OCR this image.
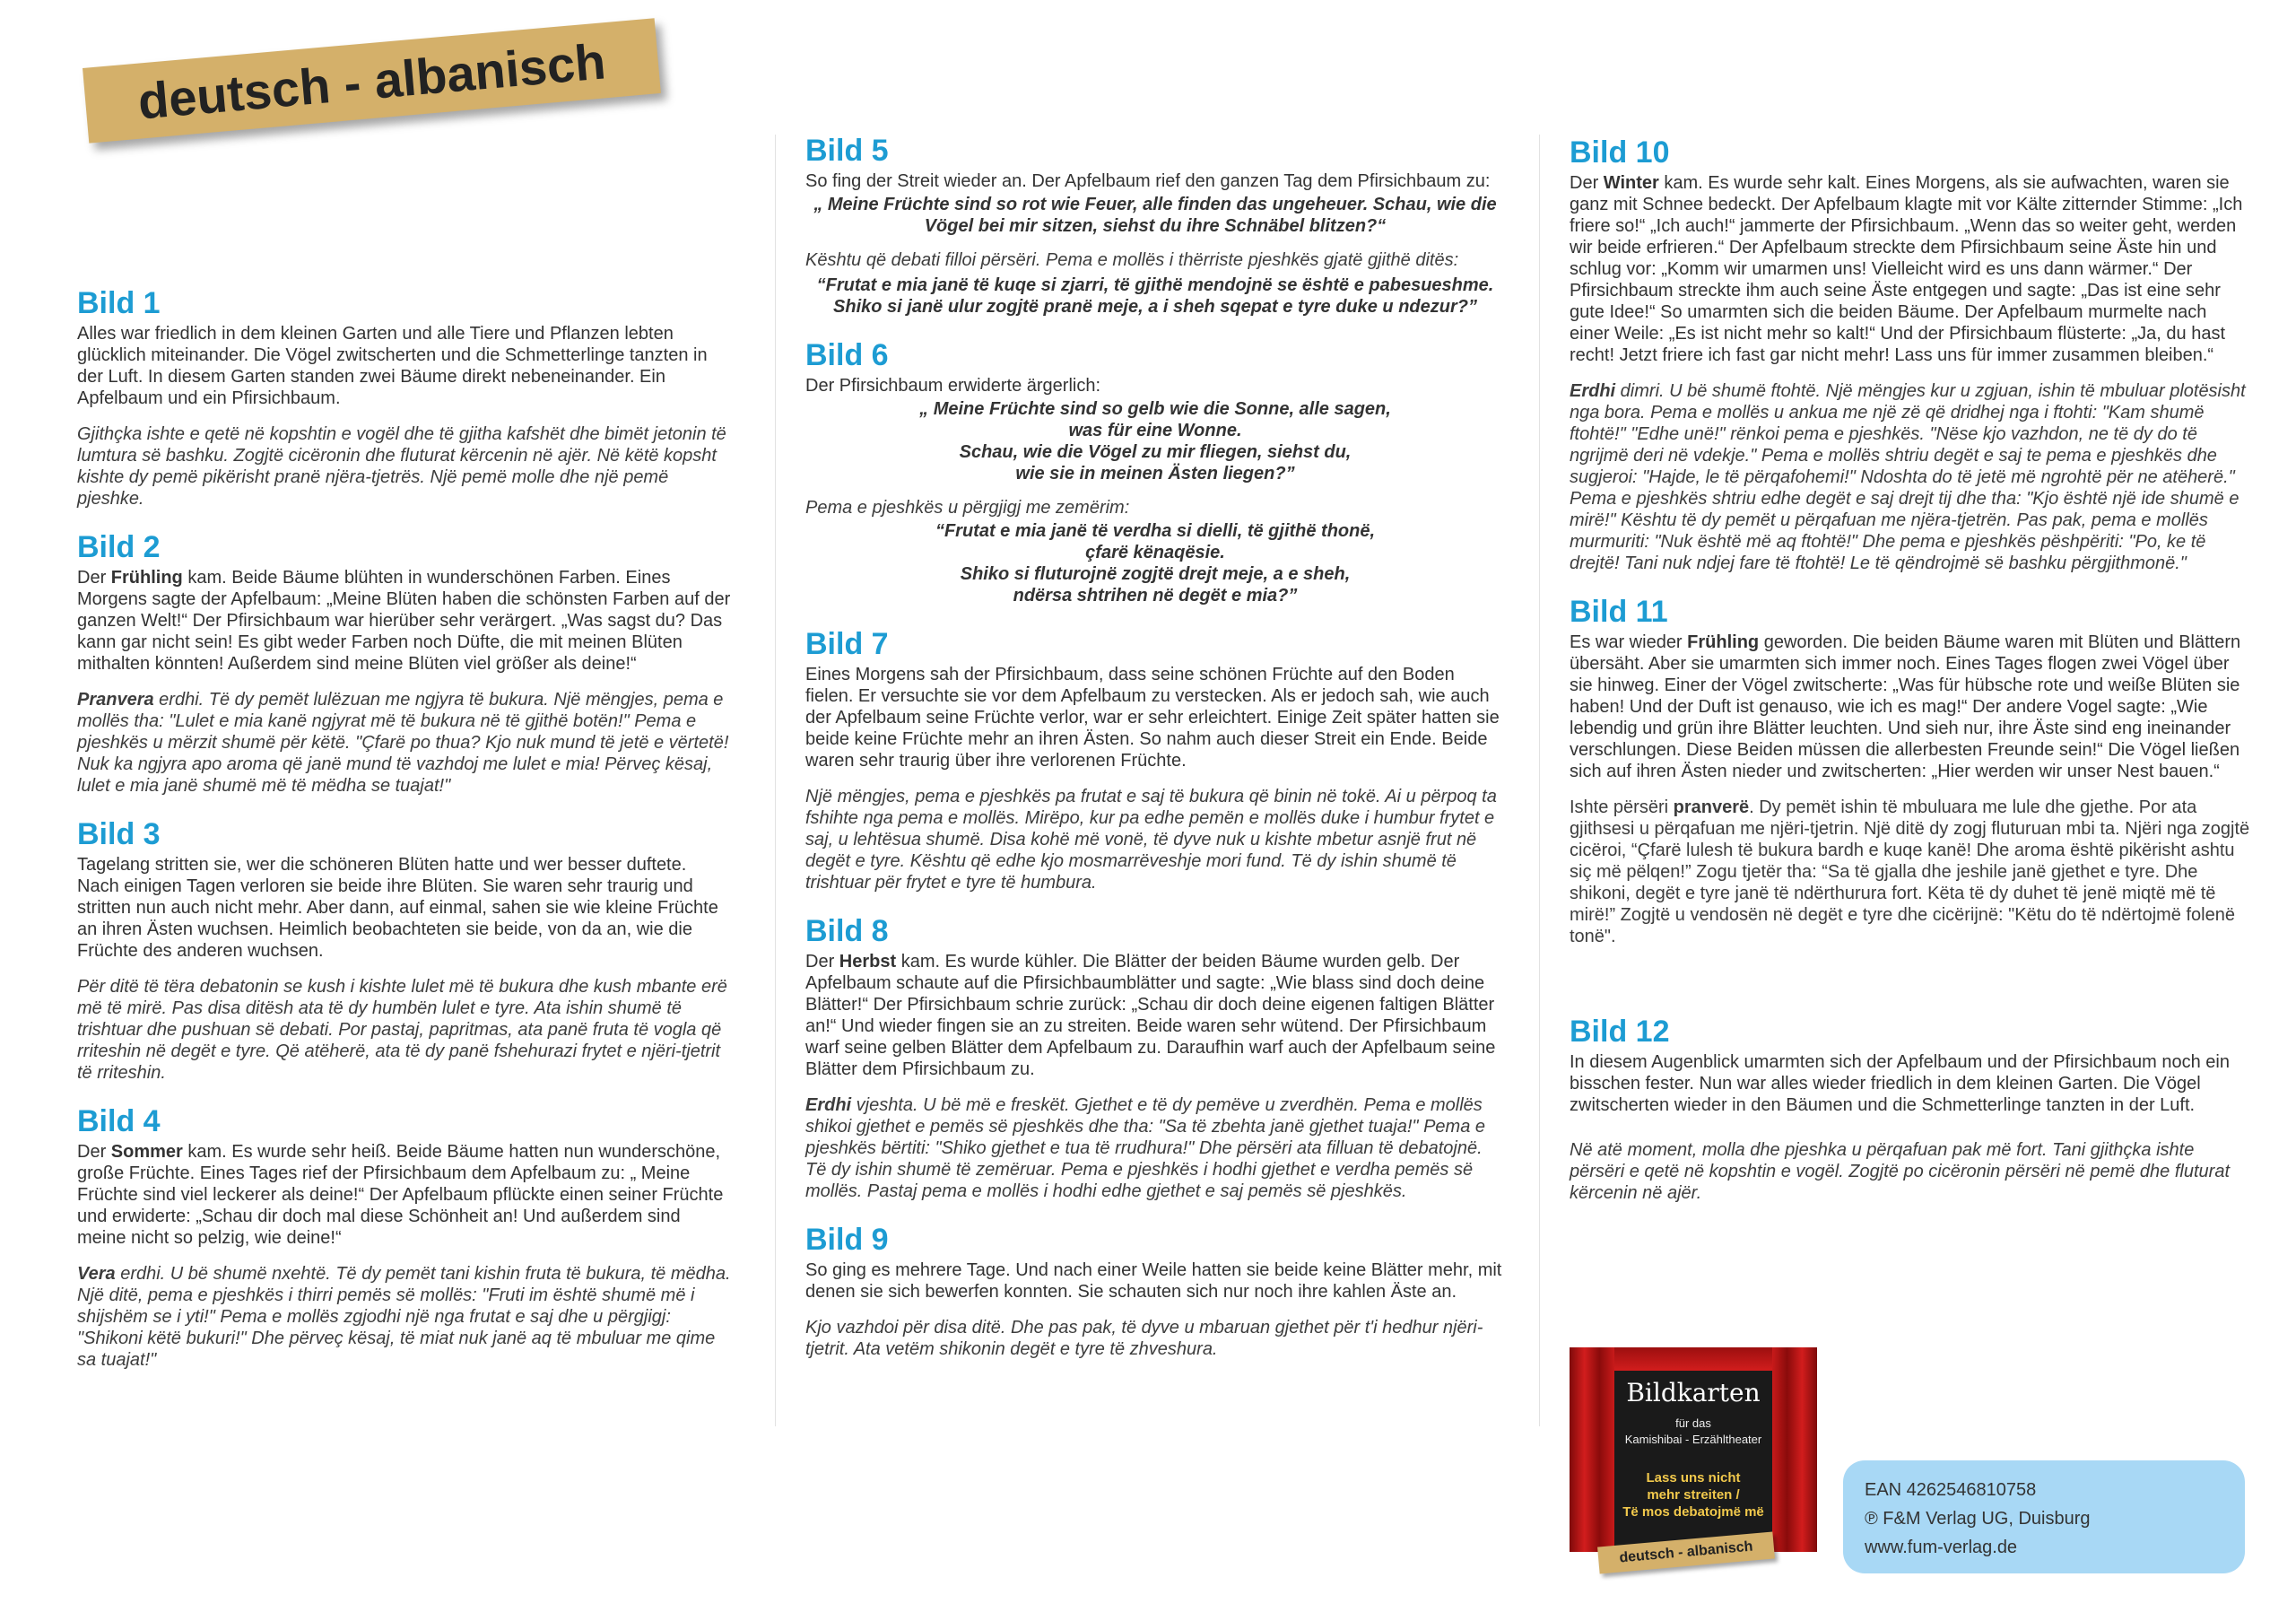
deutsch - albanisch
Bild 1
Alles war friedlich in dem kleinen Garten und alle Tiere und Pflanzen lebten glücklich miteinander. Die Vögel zwitscherten und die Schmetterlinge tanzten in der Luft. In diesem Garten standen zwei Bäume direkt nebeneinander. Ein Apfelbaum und ein Pfirsichbaum.
Gjithçka ishte e qetë në kopshtin e vogël dhe të gjitha kafshët dhe bimët jetonin të lumtura së bashku. Zogjtë cicëronin dhe fluturat kërcenin në ajër. Në këtë kopsht kishte dy pemë pikërisht pranë njëra-tjetrës. Një pemë molle dhe një pemë pjeshke.
Bild 2
Der Frühling kam. Beide Bäume blühten in wunderschönen Farben. Eines Morgens sagte der Apfelbaum: „Meine Blüten haben die schönsten Farben auf der ganzen Welt!“ Der Pfirsichbaum war hierüber sehr verärgert. „Was sagst du? Das kann gar nicht sein! Es gibt weder Farben noch Düfte, die mit meinen Blüten mithalten könnten! Außerdem sind meine Blüten viel größer als deine!“
Pranvera erdhi. Të dy pemët lulëzuan me ngjyra të bukura. Një mëngjes, pema e mollës tha: "Lulet e mia kanë ngjyrat më të bukura në të gjithë botën!" Pema e pjeshkës u mërzit shumë për këtë. "Çfarë po thua? Kjo nuk mund të jetë e vërtetë! Nuk ka ngjyra apo aroma që janë mund të vazhdoj me lulet e mia! Përveç kësaj, lulet e mia janë shumë më të mëdha se tuajat!"
Bild 3
Tagelang stritten sie, wer die schöneren Blüten hatte und wer besser duftete. Nach einigen Tagen verloren sie beide ihre Blüten. Sie waren sehr traurig und stritten nun auch nicht mehr. Aber dann, auf einmal, sahen sie wie kleine Früchte an ihren Ästen wuchsen. Heimlich beobachteten sie beide, von da an, wie die Früchte des anderen wuchsen.
Për ditë të tëra debatonin se kush i kishte lulet më të bukura dhe kush mbante erë më të mirë. Pas disa ditësh ata të dy humbën lulet e tyre. Ata ishin shumë të trishtuar dhe pushuan së debati. Por pastaj, papritmas, ata panë fruta të vogla që rriteshin në degët e tyre. Që atëherë, ata të dy panë fshehurazi frytet e njëri-tjetrit të rriteshin.
Bild 4
Der Sommer kam. Es wurde sehr heiß. Beide Bäume hatten nun wunderschöne, große Früchte. Eines Tages rief der Pfirsichbaum dem Apfelbaum zu: „ Meine Früchte sind viel leckerer als deine!“ Der Apfelbaum pflückte einen seiner Früchte und erwiderte: „Schau dir doch mal diese Schönheit an! Und außerdem sind meine nicht so pelzig, wie deine!“
Vera erdhi. U bë shumë nxehtë. Të dy pemët tani kishin fruta të bukura, të mëdha. Një ditë, pema e pjeshkës i thirri pemës së mollës: "Fruti im është shumë më i shijshëm se i yti!" Pema e mollës zgjodhi një nga frutat e saj dhe u përgjigj: "Shikoni këtë bukuri!" Dhe përveç kësaj, të miat nuk janë aq të mbuluar me qime sa tuajat!"
Bild 5
So fing der Streit wieder an. Der Apfelbaum rief den ganzen Tag dem Pfirsichbaum zu:
„ Meine Früchte sind so rot wie Feuer, alle finden das ungeheuer. Schau, wie die Vögel bei mir sitzen, siehst du ihre Schnäbel blitzen?“
Kështu që debati filloi përsëri. Pema e mollës i thërriste pjeshkës gjatë gjithë ditës:
“Frutat e mia janë të kuqe si zjarri, të gjithë mendojnë se është e pabesueshme. Shiko si janë ulur zogjtë pranë meje, a i sheh sqepat e tyre duke u ndezur?”
Bild 6
Der Pfirsichbaum erwiderte ärgerlich:
„ Meine Früchte sind so gelb wie die Sonne, alle sagen,
was für eine Wonne.
Schau, wie die Vögel zu mir fliegen, siehst du,
wie sie in meinen Ästen liegen?”
Pema e pjeshkës u përgjigj me zemërim:
“Frutat e mia janë të verdha si dielli, të gjithë thonë,
çfarë kënaqësie.
Shiko si fluturojnë zogjtë drejt meje, a e sheh,
ndërsa shtrihen në degët e mia?”
Bild 7
Eines Morgens sah der Pfirsichbaum, dass seine schönen Früchte auf den Boden fielen. Er versuchte sie vor dem Apfelbaum zu verstecken. Als er jedoch sah, wie auch der Apfelbaum seine Früchte verlor, war er sehr erleichtert. Einige Zeit später hatten sie beide keine Früchte mehr an ihren Ästen. So nahm auch dieser Streit ein Ende. Beide waren sehr traurig über ihre verlorenen Früchte.
Një mëngjes, pema e pjeshkës pa frutat e saj të bukura që binin në tokë. Ai u përpoq ta fshihte nga pema e mollës. Mirëpo, kur pa edhe pemën e mollës duke i humbur frytet e saj, u lehtësua shumë. Disa kohë më vonë, të dyve nuk u kishte mbetur asnjë frut në degët e tyre. Kështu që edhe kjo mosmarrëveshje mori fund. Të dy ishin shumë të trishtuar për frytet e tyre të humbura.
Bild 8
Der Herbst kam. Es wurde kühler. Die Blätter der beiden Bäume wurden gelb. Der Apfelbaum schaute auf die Pfirsichbaumblätter und sagte: „Wie blass sind doch deine Blätter!“ Der Pfirsichbaum schrie zurück: „Schau dir doch deine eigenen faltigen Blätter an!“ Und wieder fingen sie an zu streiten. Beide waren sehr wütend. Der Pfirsichbaum warf seine gelben Blätter dem Apfelbaum zu. Daraufhin warf auch der Apfelbaum seine Blätter dem Pfirsichbaum zu.
Erdhi vjeshta. U bë më e freskët. Gjethet e të dy pemëve u zverdhën. Pema e mollës shikoi gjethet e pemës së pjeshkës dhe tha: "Sa të zbehta janë gjethet tuaja!" Pema e pjeshkës bërtiti: "Shiko gjethet e tua të rrudhura!" Dhe përsëri ata filluan të debatojnë. Të dy ishin shumë të zemëruar. Pema e pjeshkës i hodhi gjethet e verdha pemës së mollës. Pastaj pema e mollës i hodhi edhe gjethet e saj pemës së pjeshkës.
Bild 9
So ging es mehrere Tage. Und nach einer Weile hatten sie beide keine Blätter mehr, mit denen sie sich bewerfen konnten. Sie schauten sich nur noch ihre kahlen Äste an.
Kjo vazhdoi për disa ditë. Dhe pas pak, të dyve u mbaruan gjethet për t'i hedhur njëri-tjetrit. Ata vetëm shikonin degët e tyre të zhveshura.
Bild 10
Der Winter kam. Es wurde sehr kalt. Eines Morgens, als sie aufwachten, waren sie ganz mit Schnee bedeckt. Der Apfelbaum klagte mit vor Kälte zitternder Stimme: „Ich friere so!“ „Ich auch!“ jammerte der Pfirsichbaum. „Wenn das so weiter geht, werden wir beide erfrieren.“ Der Apfelbaum streckte dem Pfirsichbaum seine Äste hin und schlug vor: „Komm wir umarmen uns! Vielleicht wird es uns dann wärmer.“ Der Pfirsichbaum streckte ihm auch seine Äste entgegen und sagte: „Das ist eine sehr gute Idee!“ So umarmten sich die beiden Bäume. Der Apfelbaum murmelte nach einer Weile: „Es ist nicht mehr so kalt!“ Und der Pfirsichbaum flüsterte: „Ja, du hast recht! Jetzt friere ich fast gar nicht mehr! Lass uns für immer zusammen bleiben.“
Erdhi dimri. U bë shumë ftohtë. Një mëngjes kur u zgjuan, ishin të mbuluar plotësisht nga bora. Pema e mollës u ankua me një zë që dridhej nga i ftohti: "Kam shumë ftohtë!" "Edhe unë!" rënkoi pema e pjeshkës. "Nëse kjo vazhdon, ne të dy do të ngrijmë deri në vdekje." Pema e mollës shtriu degët e saj te pema e pjeshkës dhe sugjeroi: "Hajde, le të përqafohemi!" Ndoshta do të jetë më ngrohtë për ne atëherë." Pema e pjeshkës shtriu edhe degët e saj drejt tij dhe tha: "Kjo është një ide shumë e mirë!" Kështu të dy pemët u përqafuan me njëra-tjetrën. Pas pak, pema e mollës murmuriti: "Nuk është më aq ftohtë!" Dhe pema e pjeshkës pëshpëriti: "Po, ke të drejtë! Tani nuk ndjej fare të ftohtë! Le të qëndrojmë së bashku përgjithmonë."
Bild 11
Es war wieder Frühling geworden. Die beiden Bäume waren mit Blüten und Blättern übersäht. Aber sie umarmten sich immer noch. Eines Tages flogen zwei Vögel über sie hinweg. Einer der Vögel zwitscherte: „Was für hübsche rote und weiße Blüten sie haben! Und der Duft ist genauso, wie ich es mag!“ Der andere Vogel sagte: „Wie lebendig und grün ihre Blätter leuchten. Und sieh nur, ihre Äste sind eng ineinander verschlungen. Diese Beiden müssen die allerbesten Freunde sein!“ Die Vögel ließen sich auf ihren Ästen nieder und zwitscherten: „Hier werden wir unser Nest bauen.“
Ishte përsëri pranverë. Dy pemët ishin të mbuluara me lule dhe gjethe. Por ata gjithsesi u përqafuan me njëri-tjetrin. Një ditë dy zogj fluturuan mbi ta. Njëri nga zogjtë cicëroi, “Çfarë lulesh të bukura bardh e kuqe kanë! Dhe aroma është pikërisht ashtu siç më pëlqen!” Zogu tjetër tha: “Sa të gjalla dhe jeshile janë gjethet e tyre. Dhe shikoni, degët e tyre janë të ndërthurura fort. Këta të dy duhet të jenë miqtë më të mirë!” Zogjtë u vendosën në degët e tyre dhe cicërijnë: "Këtu do të ndërtojmë folenë tonë".
Bild 12
In diesem Augenblick umarmten sich der Apfelbaum und der Pfirsichbaum noch ein bisschen fester. Nun war alles wieder friedlich in dem kleinen Garten. Die Vögel zwitscherten wieder in den Bäumen und die Schmetterlinge tanzten in der Luft.
Në atë moment, molla dhe pjeshka u përqafuan pak më fort. Tani gjithçka ishte përsëri e qetë në kopshtin e vogël. Zogjtë po cicëronin përsëri në pemë dhe fluturat kërcenin në ajër.
Bildkarten
für das
Kamishibai - Erzähltheater
Lass uns nicht
mehr streiten /
Të mos debatojmë më
deutsch - albanisch
EAN 4262546810758
℗ F&M Verlag UG, Duisburg
www.fum-verlag.de
